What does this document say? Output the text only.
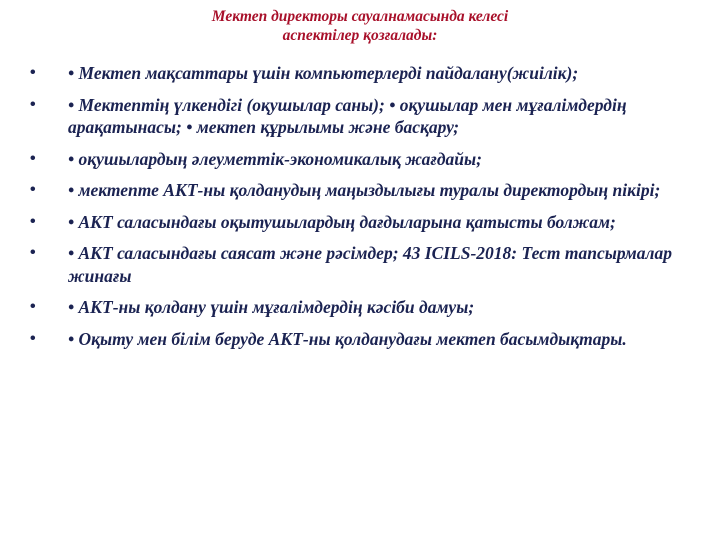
Мектеп директоры сауалнамасында келесі
аспектілер қозғалады:
• • Мектеп мақсаттары үшін компьютерлерді пайдалану(жиілік);
• • Мектептің үлкендігі (оқушылар саны); • оқушылар мен мұғалімдердің арақатынасы; • мектеп құрылымы және басқару;
• • оқушылардың әлеуметтік-экономикалық жағдайы;
• • мектепте АКТ-ны қолданудың маңыздылығы туралы директордың пікірі;
• • АКТ саласындағы оқытушылардың дағдыларына қатысты болжам;
• • АКТ саласындағы саясат және рәсімдер; 43 ICILS-2018: Тест тапсырмалар жинағы
• • АКТ-ны қолдану үшін мұғалімдердің кәсіби дамуы;
• • Оқыту мен білім беруде АКТ-ны қолданудағы мектеп басымдықтары.
